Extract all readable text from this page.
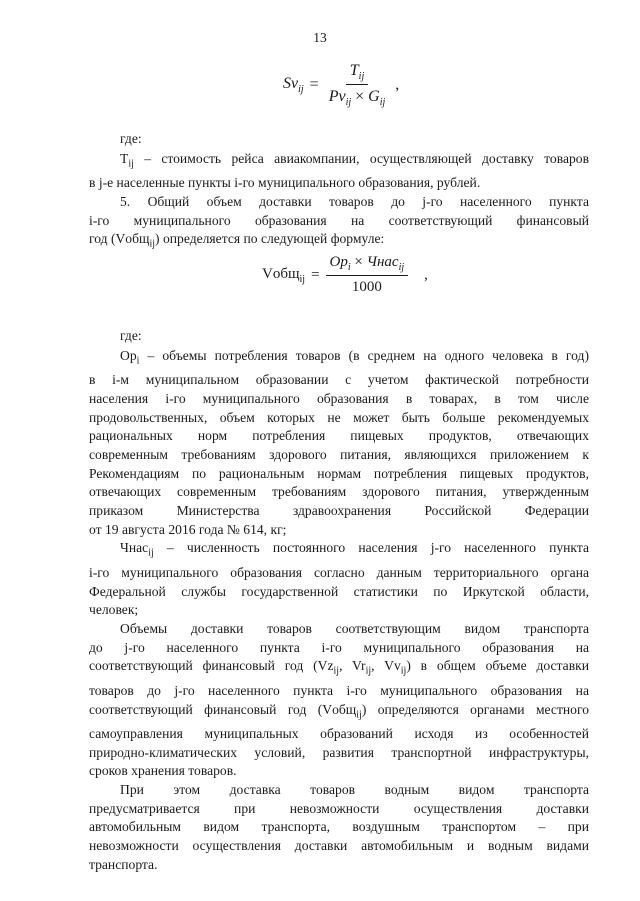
13
$Sv_{ij} = \frac{T_{ij}}{Pv_{ij} \times G_{ij}}$ ,

где:

$T_{ij}$ – стоимость рейса авиакомпании, осуществляющей доставку товаров
в j-е населенные пункты i-го муниципального образования, рублей.

5. Общий объем доставки товаров до j-го населенного пункта
i-го муниципального образования на соответствующий финансовый
год (Vобщ$_{ij}$) определяется по следующей формуле:

Vобщ$_{ij}$ = $\frac{Op_i \times Чнас_{ij}}{1000}$ ,

где:

$Op_i$ – объемы потребления товаров (в среднем на одного человека в год)
в i-м муниципальном образовании с учетом фактической потребности
населения i-го муниципального образования в товарах, в том числе
продовольственных, объем которых не может быть больше рекомендуемых
рациональных норм потребления пищевых продуктов, отвечающих
современным требованиям здорового питания, являющихся приложением к
Рекомендациям по рациональным нормам потребления пищевых продуктов,
отвечающих современным требованиям здорового питания, утвержденным
приказом Министерства здравоохранения Российской Федерации
от 19 августа 2016 года № 614, кг;

Чнас$_{ij}$ – численность постоянного населения j-го населенного пункта
i-го муниципального образования согласно данным территориального органа
Федеральной службы государственной статистики по Иркутской области,
человек;

Объемы доставки товаров соответствующим видом транспорта
до j-го населенного пункта i-го муниципального образования на
соответствующий финансовый год ($Vz_{ij}$, $Vr_{ij}$, $Vv_{ij}$) в общем объеме доставки
товаров до j-го населенного пункта i-го муниципального образования на
соответствующий финансовый год (Vобщ$_{ij}$) определяются органами местного
самоуправления муниципальных образований исходя из особенностей
природно-климатических условий, развития транспортной инфраструктуры,
сроков хранения товаров.

При этом доставка товаров водным видом транспорта
предусматривается при невозможности осуществления доставки
автомобильным видом транспорта, воздушным транспортом – при
невозможности осуществления доставки автомобильным и водным видами
транспорта.
